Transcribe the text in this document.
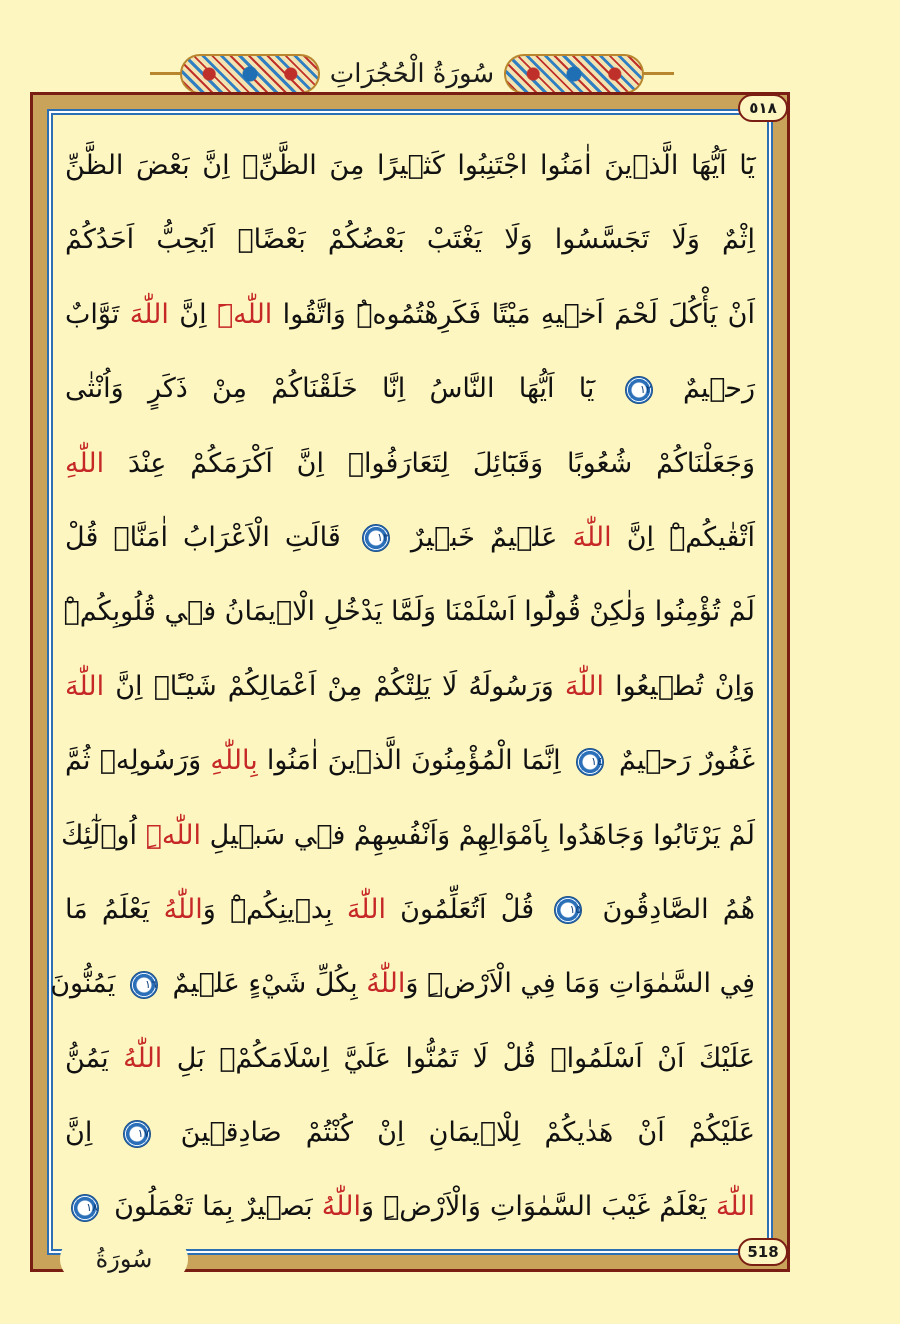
سُورَةُ الْحُجُرَاتِ
يَٓا اَيُّهَا الَّذ۪ينَ اٰمَنُوا اجْتَنِبُوا كَث۪يرًا مِنَ الظَّنِّۚ اِنَّ بَعْضَ الظَّنِّ
اِثْمٌ وَلَا تَجَسَّسُوا وَلَا يَغْتَبْ بَعْضُكُمْ بَعْضًاۜ اَيُحِبُّ اَحَدُكُمْ
اَنْ يَأْكُلَ لَحْمَ اَخ۪يهِ مَيْتًا فَكَرِهْتُمُوهُۜ وَاتَّقُوا اللّٰهَۜ اِنَّ اللّٰهَ تَوَّابٌ
رَح۪يمٌ ١٢ يَٓا اَيُّهَا النَّاسُ اِنَّا خَلَقْنَاكُمْ مِنْ ذَكَرٍ وَاُنْثٰى
وَجَعَلْنَاكُمْ شُعُوبًا وَقَبَٓائِلَ لِتَعَارَفُواۜ اِنَّ اَكْرَمَكُمْ عِنْدَ اللّٰهِ
اَتْقٰيكُمْۜ اِنَّ اللّٰهَ عَل۪يمٌ خَب۪يرٌ ١٣ قَالَتِ الْاَعْرَابُ اٰمَنَّاۜ قُلْ
لَمْ تُؤْمِنُوا وَلٰكِنْ قُولُٓوا اَسْلَمْنَا وَلَمَّا يَدْخُلِ الْا۪يمَانُ ف۪ي قُلُوبِكُمْۜ
وَاِنْ تُط۪يعُوا اللّٰهَ وَرَسُولَهُ لَا يَلِتْكُمْ مِنْ اَعْمَالِكُمْ شَيْـًٔاۜ اِنَّ اللّٰهَ
غَفُورٌ رَح۪يمٌ ١٤ اِنَّمَا الْمُؤْمِنُونَ الَّذ۪ينَ اٰمَنُوا بِاللّٰهِ وَرَسُولِه۪ ثُمَّ
لَمْ يَرْتَابُوا وَجَاهَدُوا بِاَمْوَالِهِمْ وَاَنْفُسِهِمْ ف۪ي سَب۪يلِ اللّٰهِۜ اُو۬لٰٓئِكَ
هُمُ الصَّادِقُونَ ١٥ قُلْ اَتُعَلِّمُونَ اللّٰهَ بِد۪ينِكُمْۜ وَاللّٰهُ يَعْلَمُ مَا
فِي السَّمٰوَاتِ وَمَا فِي الْاَرْضِۜ وَاللّٰهُ بِكُلِّ شَيْءٍ عَل۪يمٌ ١٦ يَمُنُّونَ
عَلَيْكَ اَنْ اَسْلَمُواۜ قُلْ لَا تَمُنُّوا عَلَيَّ اِسْلَامَكُمْۚ بَلِ اللّٰهُ يَمُنُّ
عَلَيْكُمْ اَنْ هَدٰيكُمْ لِلْا۪يمَانِ اِنْ كُنْتُمْ صَادِق۪ينَ ١٧ اِنَّ
اللّٰهَ يَعْلَمُ غَيْبَ السَّمٰوَاتِ وَالْاَرْضِۜ وَاللّٰهُ بَص۪يرٌ بِمَا تَعْمَلُونَ ١٨
٥١٨
518
سُورَةُ
